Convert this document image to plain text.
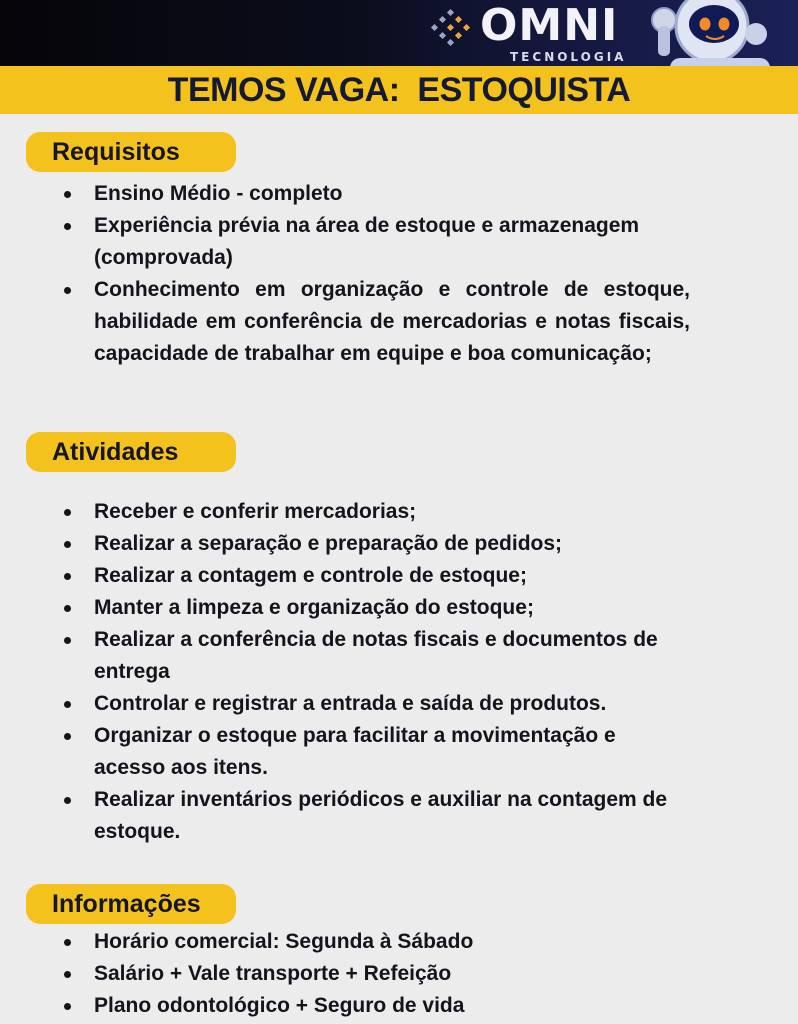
OMNI
TECNOLOGIA
TEMOS VAGA:  ESTOQUISTA
Requisitos
Ensino Médio - completo
Experiência prévia na área de estoque e armazenagem (comprovada)
Conhecimento em organização e controle de estoque, habilidade em conferência de mercadorias e notas fiscais, capacidade de trabalhar em equipe e boa comunicação;
Atividades
Receber e conferir mercadorias;
Realizar a separação e preparação de pedidos;
Realizar a contagem e controle de estoque;
Manter a limpeza e organização do estoque;
Realizar a conferência de notas fiscais e documentos de entrega
Controlar e registrar a entrada e saída de produtos.
Organizar o estoque para facilitar a movimentação e acesso aos itens.
Realizar inventários periódicos e auxiliar na contagem de estoque.
Informações
Horário comercial: Segunda à Sábado
Salário + Vale transporte + Refeição
Plano odontológico + Seguro de vida
